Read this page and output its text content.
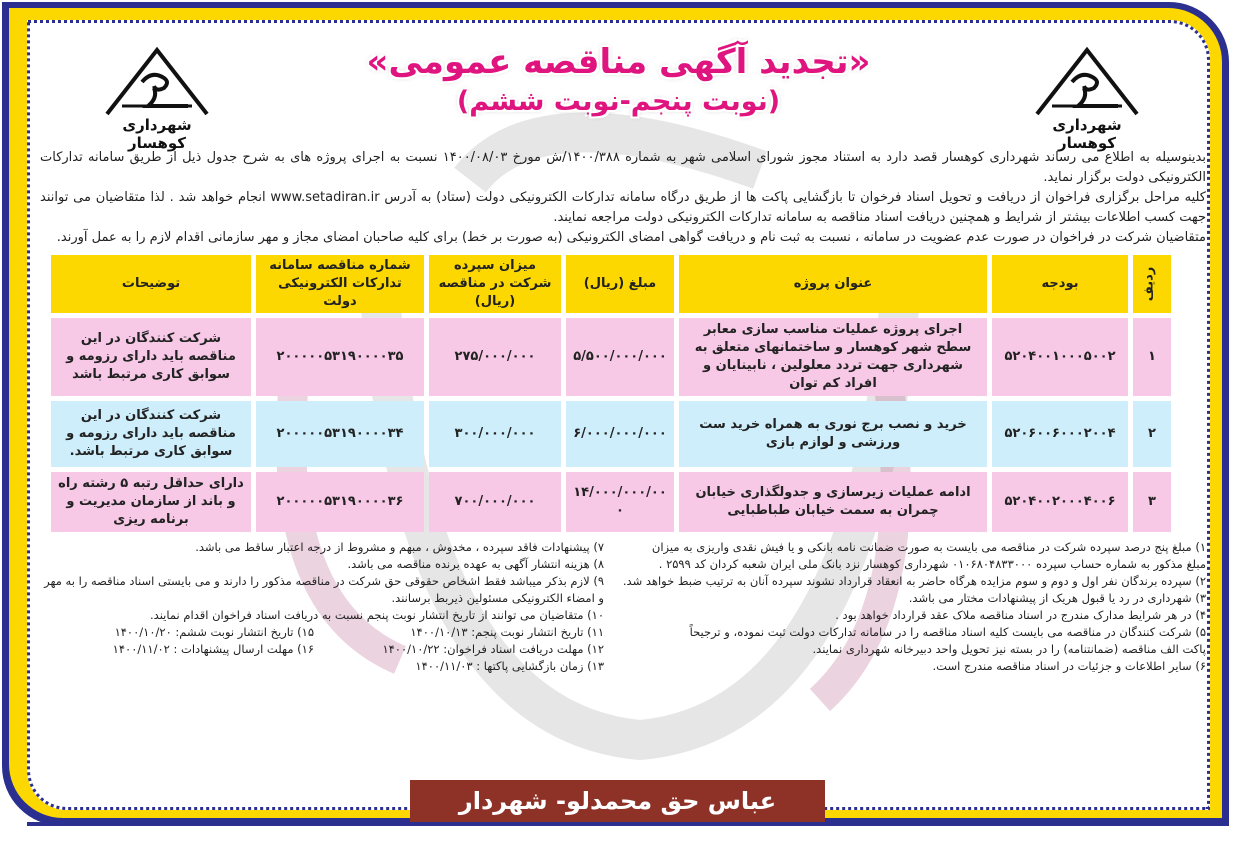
شهرداری کوهسار
شهرداری کوهسار
«تجدید آگهی مناقصه عمومی»
(نوبت پنجم-نوبت ششم)

بدینوسیله به اطلاع می رساند شهرداری کوهسار قصد دارد به استناد مجوز شورای اسلامی شهر به شماره ۱۴۰۰/۳۸۸/ش مورخ ۱۴۰۰/۰۸/۰۳ نسبت به اجرای پروژه های به شرح جدول ذیل از طریق سامانه تدارکات الکترونیکی دولت برگزار نماید.

کلیه مراحل برگزاری فراخوان از دریافت و تحویل اسناد فرخوان تا بازگشایی پاکت ها از طریق درگاه سامانه تدارکات الکترونیکی دولت (ستاد) به آدرس www.setadiran.ir انجام خواهد شد . لذا متقاضیان می توانند جهت کسب اطلاعات بیشتر از شرایط و همچنین دریافت اسناد مناقصه به سامانه تدارکات الکترونیکی دولت مراجعه نمایند.

متقاضیان شرکت در فراخوان در صورت عدم عضویت در سامانه ، نسبت به ثبت نام و دریافت گواهی امضای الکترونیکی (به صورت بر خط) برای کلیه صاحبان امضای مجاز و مهر سازمانی اقدام لازم را به عمل آورند.

ردیف	بودجه	عنوان پروژه	مبلغ (ریال)	میزان سپرده شرکت در مناقصه (ریال)	شماره مناقصه سامانه تدارکات الکترونیکی دولت	توضیحات
۱	۵۲۰۴۰۰۱۰۰۰۵۰۰۲	اجرای پروژه عملیات مناسب سازی معابر سطح شهر کوهسار و ساختمانهای متعلق به شهرداری جهت تردد معلولین ، نابینایان و افراد کم توان	۵/۵۰۰/۰۰۰/۰۰۰	۲۷۵/۰۰۰/۰۰۰	۲۰۰۰۰۰۵۳۱۹۰۰۰۰۳۵	شرکت کنندگان در این مناقصه باید دارای رزومه و سوابق کاری مرتبط باشد
۲	۵۲۰۶۰۰۶۰۰۰۲۰۰۴	خرید و نصب برج نوری به همراه خرید ست ورزشی و لوازم بازی	۶/۰۰۰/۰۰۰/۰۰۰	۳۰۰/۰۰۰/۰۰۰	۲۰۰۰۰۰۵۳۱۹۰۰۰۰۳۴	شرکت کنندگان در این مناقصه باید دارای رزومه و سوابق کاری مرتبط باشد.
۳	۵۲۰۴۰۰۲۰۰۰۴۰۰۶	ادامه عملیات زیرسازی و جدولگذاری خیابان چمران به سمت خیابان طباطبایی	۱۴/۰۰۰/۰۰۰/۰۰۰	۷۰۰/۰۰۰/۰۰۰	۲۰۰۰۰۰۵۳۱۹۰۰۰۰۳۶	دارای حداقل رتبه ۵ رشته راه و باند از سازمان مدیریت و برنامه ریزی
۱) مبلغ پنج درصد سپرده شرکت در مناقصه می بایست به صورت ضمانت نامه بانکی و یا فیش نقدی واریزی به میزان
مبلغ مذکور به شماره حساب سپرده ۰۱۰۶۸۰۴۸۳۳۰۰۰ شهرداری کوهسار نزد بانک ملی ایران شعبه کردان کد ۲۵۹۹ .
۲) سپرده برندگان نفر اول و دوم و سوم مزایده هرگاه حاضر به انعقاد قرارداد نشوند سپرده آنان به ترتیب ضبط خواهد شد.
۳) شهرداری در رد یا قبول هریک از پیشنهادات مختار می باشد.
۴) در هر شرایط مدارک مندرج در اسناد مناقصه ملاک عقد قرارداد خواهد بود .
۵) شرکت کنندگان در مناقصه می بایست کلیه اسناد مناقصه را در سامانه تدارکات دولت ثبت نموده، و ترجیحاً
پاکت الف مناقصه (ضمانتنامه) را در بسته نیز تحویل واحد دبیرخانه شهرداری نمایند.
۶) سایر اطلاعات و جزئیات در اسناد مناقصه مندرج است.
۷) پیشنهادات فاقد سپرده ، مخدوش ، مبهم و مشروط از درجه اعتبار ساقط می باشد.
۸) هزینه انتشار آگهی به عهده برنده مناقصه می باشد.
۹) لازم بذکر میباشد فقط اشخاص حقوقی حق شرکت در مناقصه مذکور را دارند و می بایستی اسناد مناقصه را به مهر
و امضاء الکترونیکی مسئولین ذیربط برسانند.
۱۰) متقاضیان می توانند از تاریخ انتشار نوبت پنجم نسبت به دریافت اسناد فراخوان اقدام نمایند.
۱۱) تاریخ انتشار نوبت پنجم: ۱۴۰۰/۱۰/۱۳
۱۵) تاریخ انتشار نوبت ششم: ۱۴۰۰/۱۰/۲۰
۱۲) مهلت دریافت اسناد فراخوان: ۱۴۰۰/۱۰/۲۲
۱۶) مهلت ارسال پیشنهادات : ۱۴۰۰/۱۱/۰۲
۱۳) زمان بازگشایی پاکتها : ۱۴۰۰/۱۱/۰۳
عباس حق محمدلو- شهردار کوهسار
